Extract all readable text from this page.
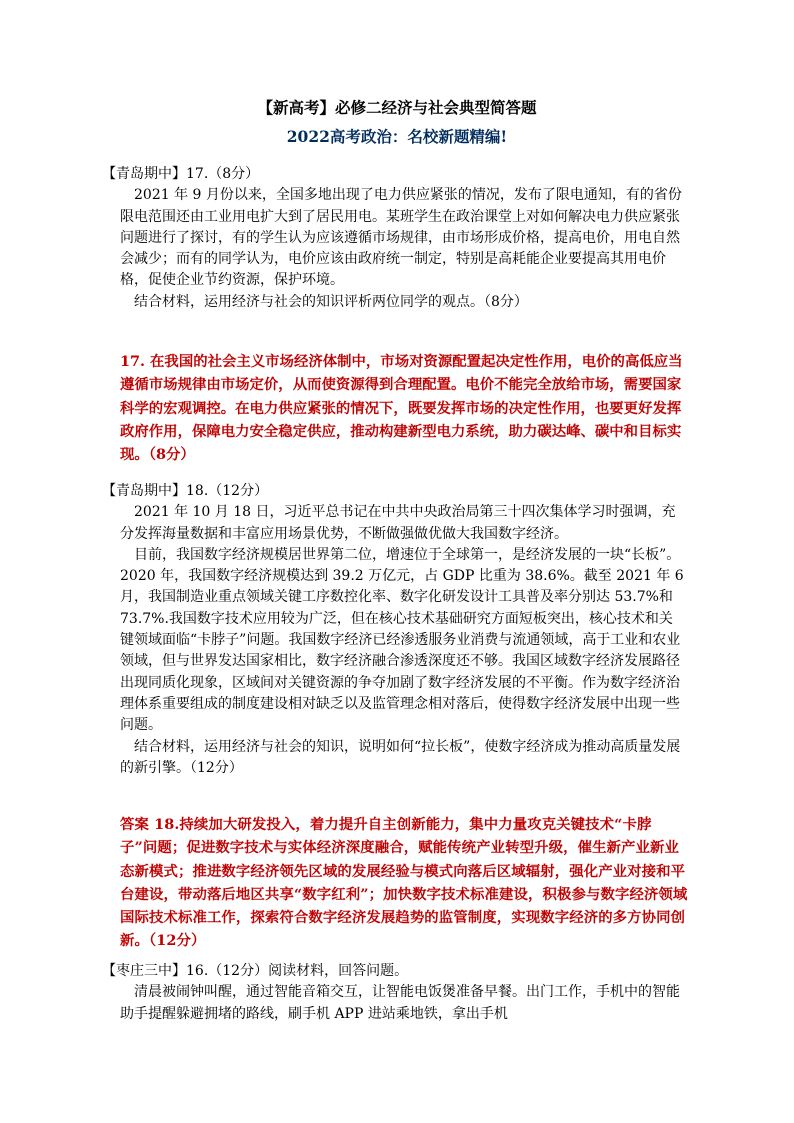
【新高考】必修二经济与社会典型简答题
2022高考政治：名校新题精编!

【青岛期中】17.（8分）

2021 年 9 月份以来，全国多地出现了电力供应紧张的情况，发布了限电通知，有的省份限电范围还由工业用电扩大到了居民用电。某班学生在政治课堂上对如何解决电力供应紧张问题进行了探讨，有的学生认为应该遵循市场规律，由市场形成价格，提高电价，用电自然会减少；而有的同学认为，电价应该由政府统一制定，特别是高耗能企业要提高其用电价格，促使企业节约资源，保护环境。

结合材料，运用经济与社会的知识评析两位同学的观点。（8分）

17. 在我国的社会主义市场经济体制中，市场对资源配置起决定性作用，电价的高低应当遵循市场规律由市场定价，从而使资源得到合理配置。电价不能完全放给市场，需要国家科学的宏观调控。在电力供应紧张的情况下，既要发挥市场的决定性作用，也要更好发挥政府作用，保障电力安全稳定供应，推动构建新型电力系统，助力碳达峰、碳中和目标实现。（8分）

【青岛期中】18.（12分）

2021 年 10 月 18 日，习近平总书记在中共中央政治局第三十四次集体学习时强调，充分发挥海量数据和丰富应用场景优势，不断做强做优做大我国数字经济。

目前，我国数字经济规模居世界第二位，增速位于全球第一，是经济发展的一块“长板”。2020 年，我国数字经济规模达到 39.2 万亿元，占 GDP 比重为 38.6%。截至 2021 年 6 月，我国制造业重点领域关键工序数控化率、数字化研发设计工具普及率分别达 53.7%和 73.7%.我国数字技术应用较为广泛，但在核心技术基础研究方面短板突出，核心技术和关键领域面临“卡脖子”问题。我国数字经济已经渗透服务业消费与流通领域，高于工业和农业领域，但与世界发达国家相比，数字经济融合渗透深度还不够。我国区域数字经济发展路径出现同质化现象，区域间对关键资源的争夺加剧了数字经济发展的不平衡。作为数字经济治理体系重要组成的制度建设相对缺乏以及监管理念相对落后，使得数字经济发展中出现一些问题。

结合材料，运用经济与社会的知识，说明如何“拉长板”，使数字经济成为推动高质量发展的新引擎。（12分）

答案 18.持续加大研发投入，着力提升自主创新能力，集中力量攻克关键技术“卡脖子”问题；促进数字技术与实体经济深度融合，赋能传统产业转型升级，催生新产业新业态新模式；推进数字经济领先区域的发展经验与模式向落后区域辐射，强化产业对接和平台建设，带动落后地区共享“数字红利”；加快数字技术标准建设，积极参与数字经济领域国际技术标准工作，探索符合数字经济发展趋势的监管制度，实现数字经济的多方协同创新。（12分）

【枣庄三中】16.（12分）阅读材料，回答问题。

清晨被闹钟叫醒，通过智能音箱交互，让智能电饭煲准备早餐。出门工作，手机中的智能助手提醒躲避拥堵的路线，刷手机 APP 进站乘地铁，拿出手机
